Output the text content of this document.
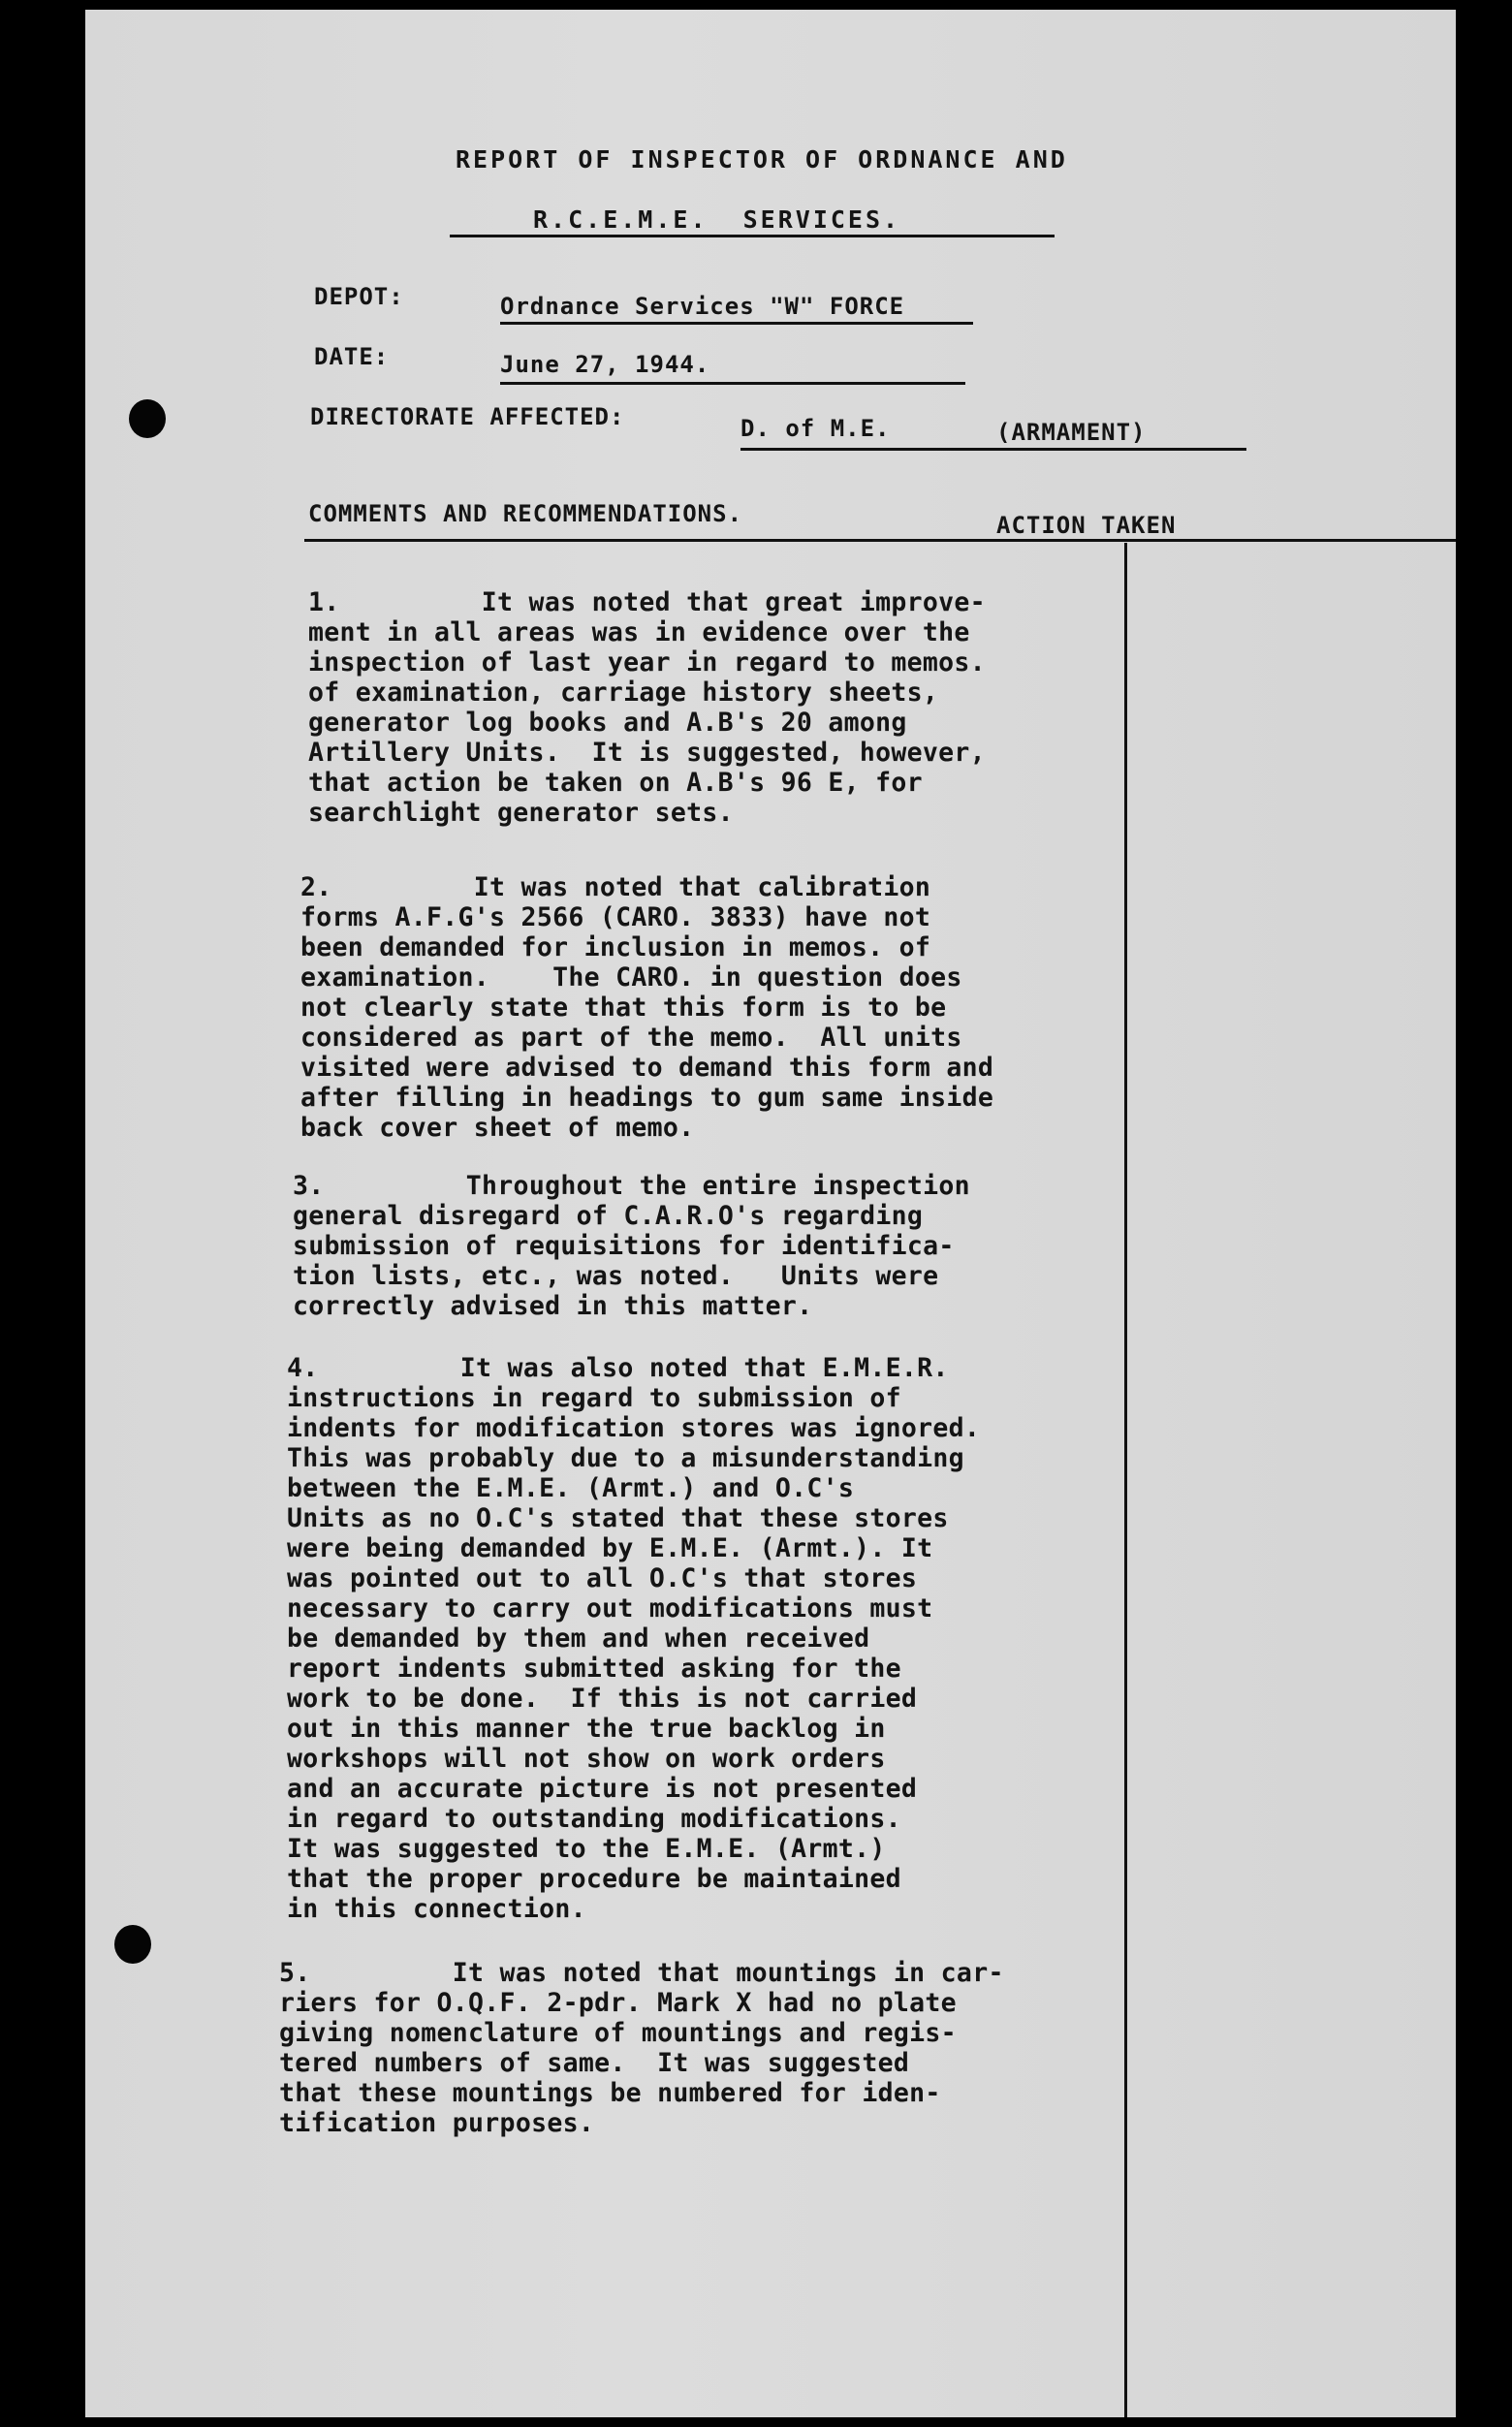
REPORT OF INSPECTOR OF ORDNANCE AND
R.C.E.M.E.  SERVICES.
DEPOT:	Ordnance Services "W" FORCE
DATE:	June 27, 1944.
DIRECTORATE AFFECTED:	D. of M.E.	(ARMAMENT)
COMMENTS AND RECOMMENDATIONS.	ACTION TAKEN
1.         It was noted that great improve-
ment in all areas was in evidence over the
inspection of last year in regard to memos.
of examination, carriage history sheets,
generator log books and A.B's 20 among
Artillery Units.  It is suggested, however,
that action be taken on A.B's 96 E, for
searchlight generator sets.
2.         It was noted that calibration
forms A.F.G's 2566 (CARO. 3833) have not
been demanded for inclusion in memos. of
examination.    The CARO. in question does
not clearly state that this form is to be
considered as part of the memo.  All units
visited were advised to demand this form and
after filling in headings to gum same inside
back cover sheet of memo.
3.         Throughout the entire inspection
general disregard of C.A.R.O's regarding
submission of requisitions for identifica-
tion lists, etc., was noted.   Units were
correctly advised in this matter.
4.         It was also noted that E.M.E.R.
instructions in regard to submission of
indents for modification stores was ignored.
This was probably due to a misunderstanding
between the E.M.E. (Armt.) and O.C's
Units as no O.C's stated that these stores
were being demanded by E.M.E. (Armt.). It
was pointed out to all O.C's that stores
necessary to carry out modifications must
be demanded by them and when received
report indents submitted asking for the
work to be done.  If this is not carried
out in this manner the true backlog in
workshops will not show on work orders
and an accurate picture is not presented
in regard to outstanding modifications.
It was suggested to the E.M.E. (Armt.)
that the proper procedure be maintained
in this connection.
5.         It was noted that mountings in car-
riers for O.Q.F. 2-pdr. Mark X had no plate
giving nomenclature of mountings and regis-
tered numbers of same.  It was suggested
that these mountings be numbered for iden-
tification purposes.
